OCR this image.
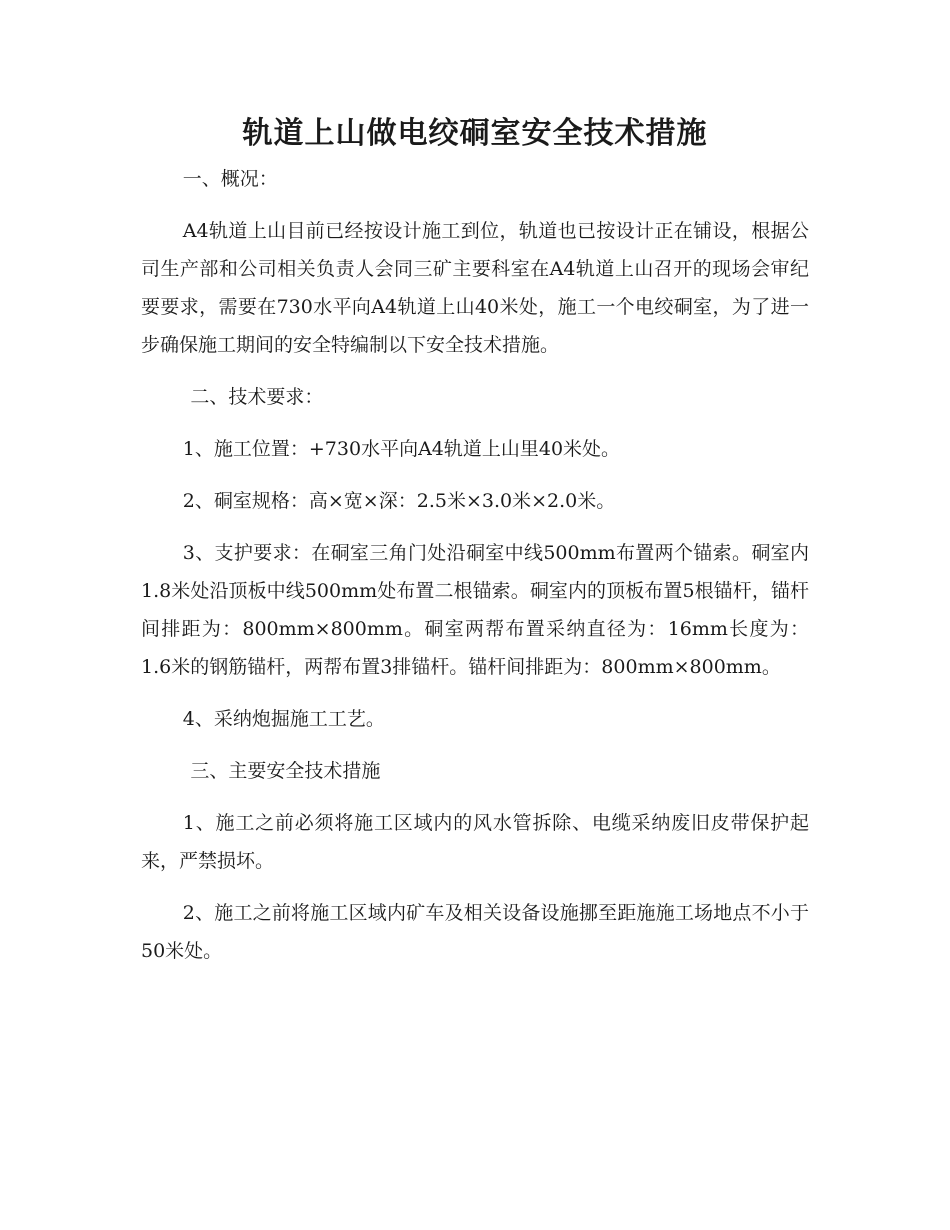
轨道上山做电绞硐室安全技术措施

一、概况：

A4轨道上山目前已经按设计施工到位，轨道也已按设计正在铺设，根据公司生产部和公司相关负责人会同三矿主要科室在A4轨道上山召开的现场会审纪要要求，需要在730水平向A4轨道上山40米处，施工一个电绞硐室，为了进一步确保施工期间的安全特编制以下安全技术措施。

二、技术要求：

1、施工位置：+730水平向A4轨道上山里40米处。

2、硐室规格：高×宽×深：2.5米×3.0米×2.0米。

3、支护要求：在硐室三角门处沿硐室中线500mm布置两个锚索。硐室内1.8米处沿顶板中线500mm处布置二根锚索。硐室内的顶板布置5根锚杆，锚杆间排距为：800mm×800mm。硐室两帮布置采纳直径为：16mm长度为：1.6米的钢筋锚杆，两帮布置3排锚杆。锚杆间排距为：800mm×800mm。

4、采纳炮掘施工工艺。

三、主要安全技术措施

1、施工之前必须将施工区域内的风水管拆除、电缆采纳废旧皮带保护起来，严禁损坏。

2、施工之前将施工区域内矿车及相关设备设施挪至距施施工场地点不小于50米处。
